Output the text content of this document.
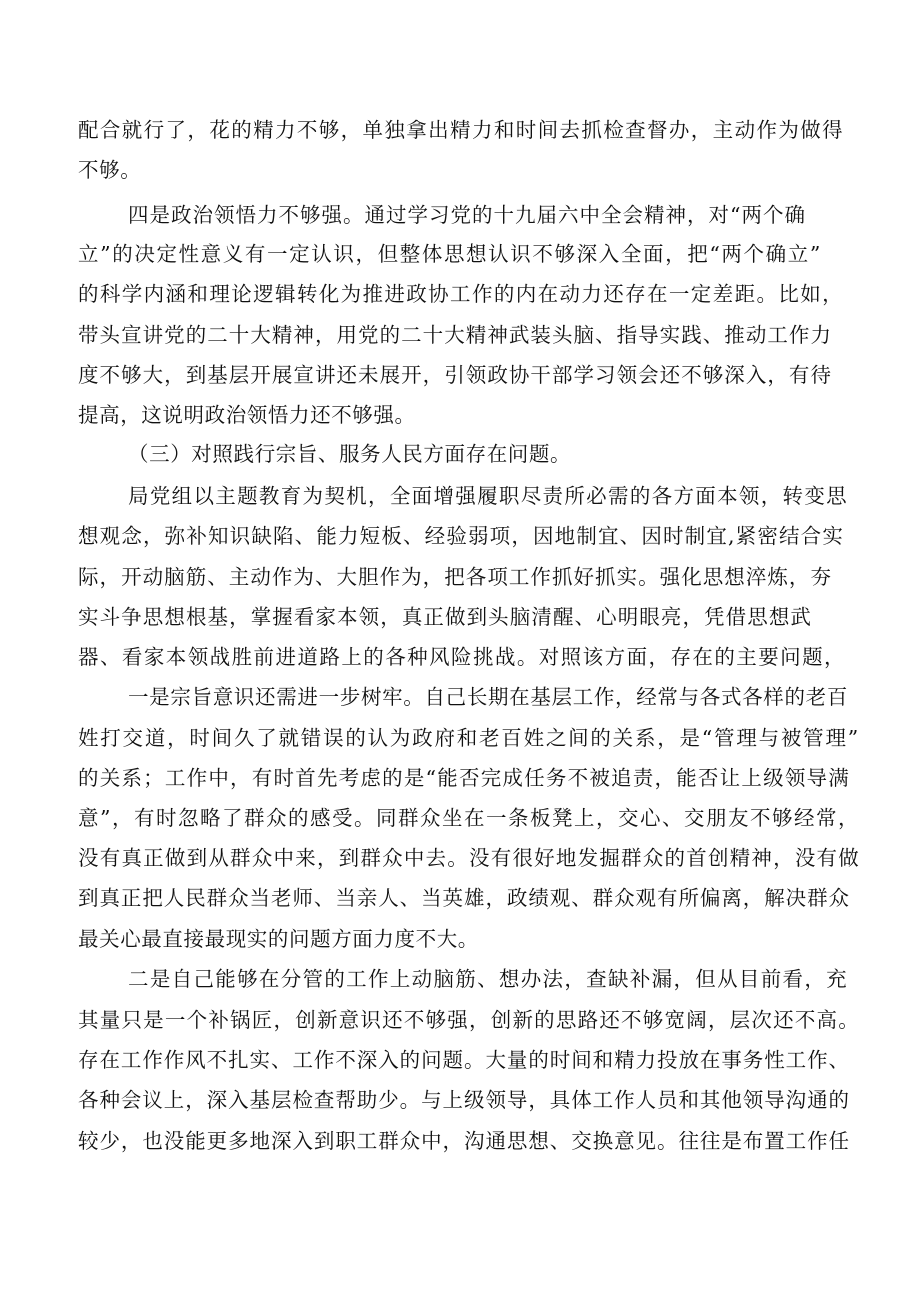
配合就行了，花的精力不够，单独拿出精力和时间去抓检查督办，主动作为做得
不够。
四是政治领悟力不够强。通过学习党的十九届六中全会精神，对“两个确
立”的决定性意义有一定认识，但整体思想认识不够深入全面，把“两个确立”
的科学内涵和理论逻辑转化为推进政协工作的内在动力还存在一定差距。比如，
带头宣讲党的二十大精神，用党的二十大精神武装头脑、指导实践、推动工作力
度不够大，到基层开展宣讲还未展开，引领政协干部学习领会还不够深入，有待
提高，这说明政治领悟力还不够强。
（三）对照践行宗旨、服务人民方面存在问题。
局党组以主题教育为契机，全面增强履职尽责所必需的各方面本领，转变思
想观念，弥补知识缺陷、能力短板、经验弱项，因地制宜、因时制宜,紧密结合实
际，开动脑筋、主动作为、大胆作为，把各项工作抓好抓实。强化思想淬炼，夯
实斗争思想根基，掌握看家本领，真正做到头脑清醒、心明眼亮，凭借思想武
器、看家本领战胜前进道路上的各种风险挑战。对照该方面，存在的主要问题，
一是宗旨意识还需进一步树牢。自己长期在基层工作，经常与各式各样的老百
姓打交道，时间久了就错误的认为政府和老百姓之间的关系，是“管理与被管理”
的关系；工作中，有时首先考虑的是“能否完成任务不被追责，能否让上级领导满
意”，有时忽略了群众的感受。同群众坐在一条板凳上，交心、交朋友不够经常，
没有真正做到从群众中来，到群众中去。没有很好地发掘群众的首创精神，没有做
到真正把人民群众当老师、当亲人、当英雄，政绩观、群众观有所偏离，解决群众
最关心最直接最现实的问题方面力度不大。
二是自己能够在分管的工作上动脑筋、想办法，查缺补漏，但从目前看，充
其量只是一个补锅匠，创新意识还不够强，创新的思路还不够宽阔，层次还不高。
存在工作作风不扎实、工作不深入的问题。大量的时间和精力投放在事务性工作、
各种会议上，深入基层检查帮助少。与上级领导，具体工作人员和其他领导沟通的
较少，也没能更多地深入到职工群众中，沟通思想、交换意见。往往是布置工作任
